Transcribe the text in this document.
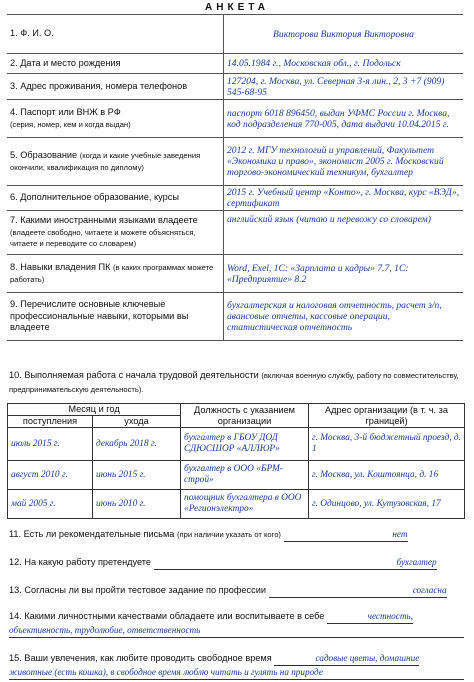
АНКЕТА
1. Ф. И. О.	Викторова Виктория Викторовна
2. Дата и место рождения	14.05.1984 г., Московская обл., г. Подольск
3. Адрес проживания, номера телефонов	127204, г. Москва, ул. Северная 3-я лин., 2, 3 +7 (909) 545-68-95
4. Паспорт или ВНЖ в РФ
(серия, номер, кем и когда выдан)	паспорт 6018 896450, выдан УФМС России г. Москва, код подразделения 770-005, дата выдачи 10.04.2015 г.
5. Образование (когда и какие учебные заведения окончили, квалификация по диплому)	2012 г. МГУ технологий и управлений, Факультет «Экономика и право», экономист 2005 г. Московский торгово-экономический техникум, бухгалтер
6. Дополнительное образование, курсы	2015 г. Учебный центр «Конто», г. Москва, курс «ВЭД», сертификат
7. Какими иностранными языками владеете
(владеете свободно, читаете и можете объясняться, читаете и переводите со словарем)	английский язык (читаю и перевожу со словарем)
8. Навыки владения ПК (в каких программах можете работать)	Word, Exel, 1С: «Зарплата и кадры» 7.7, 1С: «Предприятие» 8.2
9. Перечислите основные ключевые профессиональные навыки, которыми вы владеете	бухгалтерская и налоговая отчетность, расчет з/п, авансовые отчеты, кассовые операции, статистическая отчетность
10. Выполняемая работа с начала трудовой деятельности (включая военную службу, работу по совместительству, предпринимательскую деятельность).
Месяц и год		Должность с указанием организации	Адрес организации (в т. ч. за границей)
поступления	ухода		
июль 2015 г.	декабрь 2018 г.	бухгалтер в ГБОУ ДОД СДЮСШОР «АЛЛЮР»	г. Москва, 3-й бюджетный проезд, д. 1
август 2010 г.	июнь 2015 г.	бухгалтер в ООО «БРМ-строй»	г. Москва, ул. Коштоянца, д. 16
май 2005 г.	июнь 2010 г.	помощник бухгалтера в ООО «Регионэлектро»	г. Одинцово, ул. Кутузовская, 17
11. Есть ли рекомендательные письма (при наличии указать от кого)	нет
12. На какую работу претендуете	бухгалтер
13. Согласны ли вы пройти тестовое задание по профессии	согласна
14. Какими личностными качествами обладаете или воспитываете в себе	честность,
объективность, трудолюбие, ответственность
15. Ваши увлечения, как любите проводить свободное время	садовые цветы, домашние
животные (есть кошка), в свободное время люблю читать и гулять на природе
